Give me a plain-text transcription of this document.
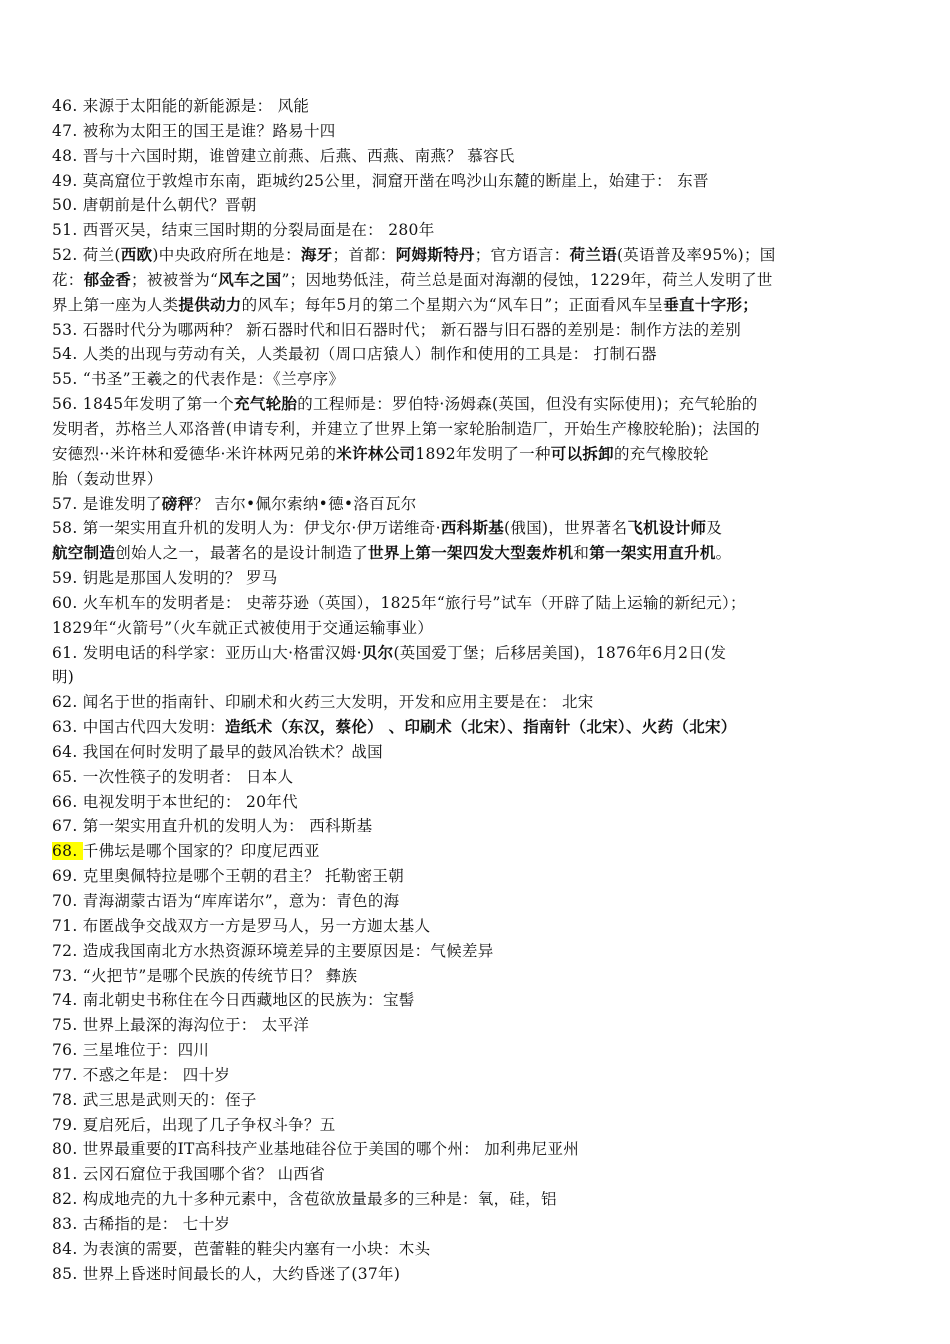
46. 来源于太阳能的新能源是： 风能
47. 被称为太阳王的国王是谁？路易十四
48. 晋与十六国时期，谁曾建立前燕、后燕、西燕、南燕？ 慕容氏
49. 莫高窟位于敦煌市东南，距城约25公里，洞窟开凿在鸣沙山东麓的断崖上，始建于： 东晋
50. 唐朝前是什么朝代？晋朝
51. 西晋灭吴，结束三国时期的分裂局面是在： 280年
52. 荷兰(西欧)中央政府所在地是：海牙；首都：阿姆斯特丹；官方语言：荷兰语(英语普及率95%)；国
花：郁金香；被被誉为“风车之国”；因地势低洼，荷兰总是面对海潮的侵蚀，1229年，荷兰人发明了世
界上第一座为人类提供动力的风车；每年5月的第二个星期六为“风车日”；正面看风车呈垂直十字形；
53. 石器时代分为哪两种？ 新石器时代和旧石器时代； 新石器与旧石器的差别是：制作方法的差别
54. 人类的出现与劳动有关，人类最初（周口店猿人）制作和使用的工具是： 打制石器
55. “书圣”王羲之的代表作是：《兰亭序》
56. 1845年发明了第一个充气轮胎的工程师是：罗伯特·汤姆森(英国，但没有实际使用)；充气轮胎的
发明者，苏格兰人邓洛普(申请专利，并建立了世界上第一家轮胎制造厂，开始生产橡胶轮胎)；法国的
安德烈··米许林和爱德华·米许林两兄弟的米许林公司1892年发明了一种可以拆卸的充气橡胶轮
胎（轰动世界）
57. 是谁发明了磅秤？ 吉尔•佩尔索纳•德•洛百瓦尔
58. 第一架实用直升机的发明人为：伊戈尔·伊万诺维奇·西科斯基(俄国)，世界著名飞机设计师及
航空制造创始人之一，最著名的是设计制造了世界上第一架四发大型轰炸机和第一架实用直升机。
59. 钥匙是那国人发明的？ 罗马
60. 火车机车的发明者是： 史蒂芬逊（英国），1825年“旅行号”试车（开辟了陆上运输的新纪元）；
1829年“火箭号”（火车就正式被使用于交通运输事业）
61. 发明电话的科学家：亚历山大·格雷汉姆·贝尔(英国爱丁堡；后移居美国)，1876年6月2日(发
明)
62. 闻名于世的指南针、印刷术和火药三大发明，开发和应用主要是在： 北宋
63. 中国古代四大发明：造纸术（东汉，蔡伦） 、印刷术（北宋）、指南针（北宋）、火药（北宋）
64. 我国在何时发明了最早的鼓风冶铁术？战国
65. 一次性筷子的发明者： 日本人
66. 电视发明于本世纪的： 20年代
67. 第一架实用直升机的发明人为： 西科斯基
68. 千佛坛是哪个国家的？印度尼西亚
69. 克里奥佩特拉是哪个王朝的君主？ 托勒密王朝
70. 青海湖蒙古语为“库库诺尔”，意为：青色的海
71. 布匿战争交战双方一方是罗马人，另一方迦太基人
72. 造成我国南北方水热资源环境差异的主要原因是：气候差异
73. “火把节”是哪个民族的传统节日？ 彝族
74. 南北朝史书称住在今日西藏地区的民族为：宝髻
75. 世界上最深的海沟位于： 太平洋
76. 三星堆位于：四川
77. 不惑之年是： 四十岁
78. 武三思是武则天的：侄子
79. 夏启死后，出现了几子争权斗争？五
80. 世界最重要的IT高科技产业基地硅谷位于美国的哪个州： 加利弗尼亚州
81. 云冈石窟位于我国哪个省？ 山西省
82. 构成地壳的九十多种元素中，含苞欲放量最多的三种是：氧，硅，铝
83. 古稀指的是： 七十岁
84. 为表演的需要，芭蕾鞋的鞋尖内塞有一小块：木头
85. 世界上昏迷时间最长的人，大约昏迷了(37年)
